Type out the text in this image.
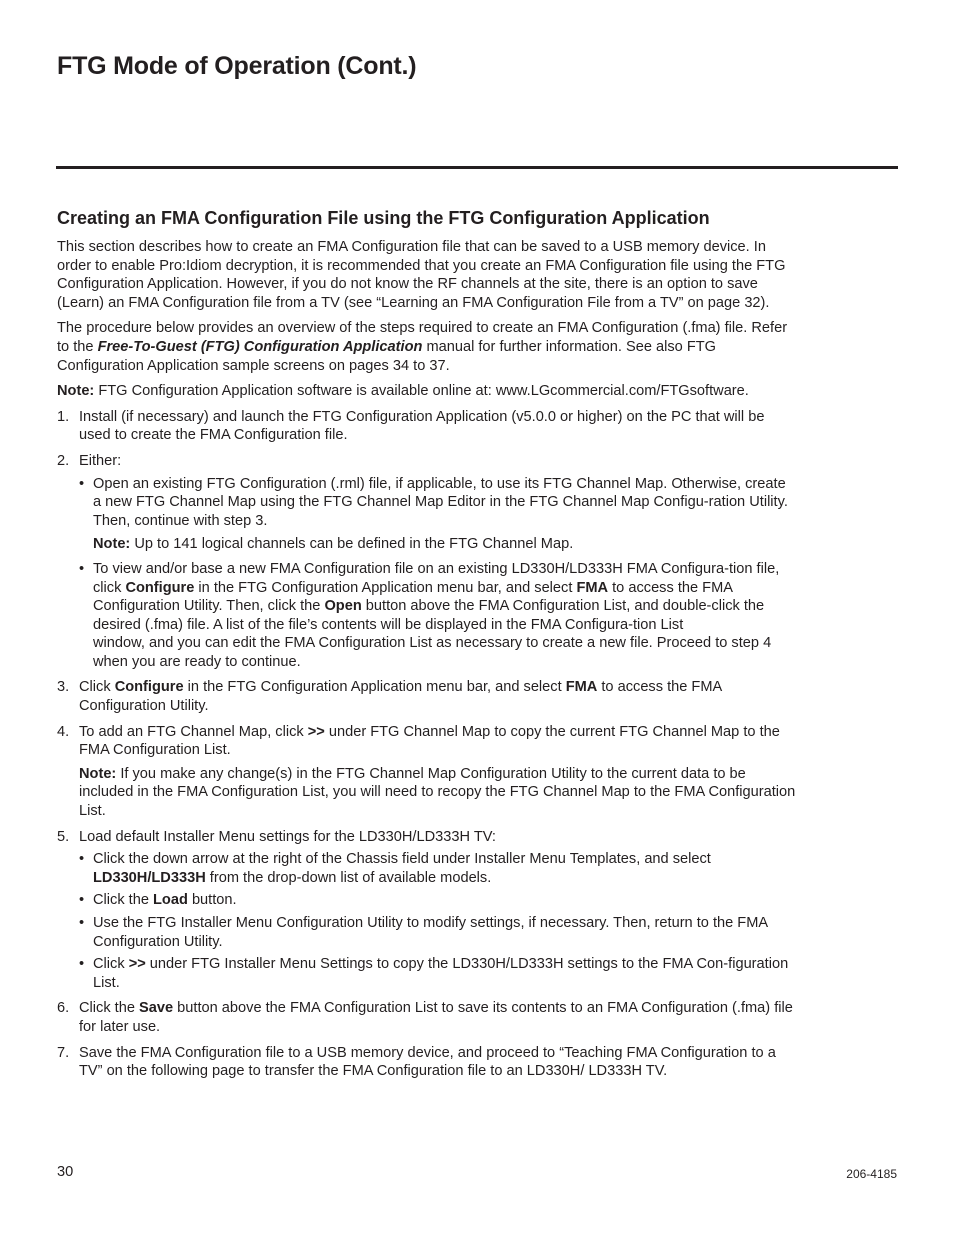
FTG Mode of Operation (Cont.)
Creating an FMA Configuration File using the FTG Configuration Application

This section describes how to create an FMA Configuration file that can be saved to a USB memory device. In order to enable Pro:Idiom decryption, it is recommended that you create an FMA Configuration file using the FTG Configuration Application. However, if you do not know the RF channels at the site, there is an option to save (Learn) an FMA Configuration file from a TV (see “Learning an FMA Configuration File from a TV” on page 32).

The procedure below provides an overview of the steps required to create an FMA Configuration (.fma) file. Refer to the Free-To-Guest (FTG) Configuration Application manual for further information. See also FTG Configuration Application sample screens on pages 34 to 37.

Note: FTG Configuration Application software is available online at: www.LGcommercial.com/FTGsoftware.

1. Install (if necessary) and launch the FTG Configuration Application (v5.0.0 or higher) on the PC that will be used to create the FMA Configuration file.

2. Either:

• Open an existing FTG Configuration (.rml) file, if applicable, to use its FTG Channel Map. Otherwise, create a new FTG Channel Map using the FTG Channel Map Editor in the FTG Channel Map Configu-ration Utility. Then, continue with step 3.

Note: Up to 141 logical channels can be defined in the FTG Channel Map.

• To view and/or base a new FMA Configuration file on an existing LD330H/LD333H FMA Configura-tion file, click Configure in the FTG Configuration Application menu bar, and select FMA to access the FMA Configuration Utility. Then, click the Open button above the FMA Configuration List, and double-click the desired (.fma) file. A list of the file’s contents will be displayed in the FMA Configura-tion List

window, and you can edit the FMA Configuration List as necessary to create a new file. Proceed to step 4 when you are ready to continue.

3. Click Configure in the FTG Configuration Application menu bar, and select FMA to access the FMA Configuration Utility.

4. To add an FTG Channel Map, click >> under FTG Channel Map to copy the current FTG Channel Map to the FMA Configuration List.

Note: If you make any change(s) in the FTG Channel Map Configuration Utility to the current data to be included in the FMA Configuration List, you will need to recopy the FTG Channel Map to the FMA Configuration List.

5. Load default Installer Menu settings for the LD330H/LD333H TV:

• Click the down arrow at the right of the Chassis field under Installer Menu Templates, and select LD330H/LD333H from the drop-down list of available models.

• Click the Load button.

• Use the FTG Installer Menu Configuration Utility to modify settings, if necessary. Then, return to the FMA Configuration Utility.

• Click >> under FTG Installer Menu Settings to copy the LD330H/LD333H settings to the FMA Con-figuration List.

6. Click the Save button above the FMA Configuration List to save its contents to an FMA Configuration (.fma) file for later use.

7. Save the FMA Configuration file to a USB memory device, and proceed to “Teaching FMA Configuration to a TV” on the following page to transfer the FMA Configuration file to an LD330H/ LD333H TV.

30	206-4185
